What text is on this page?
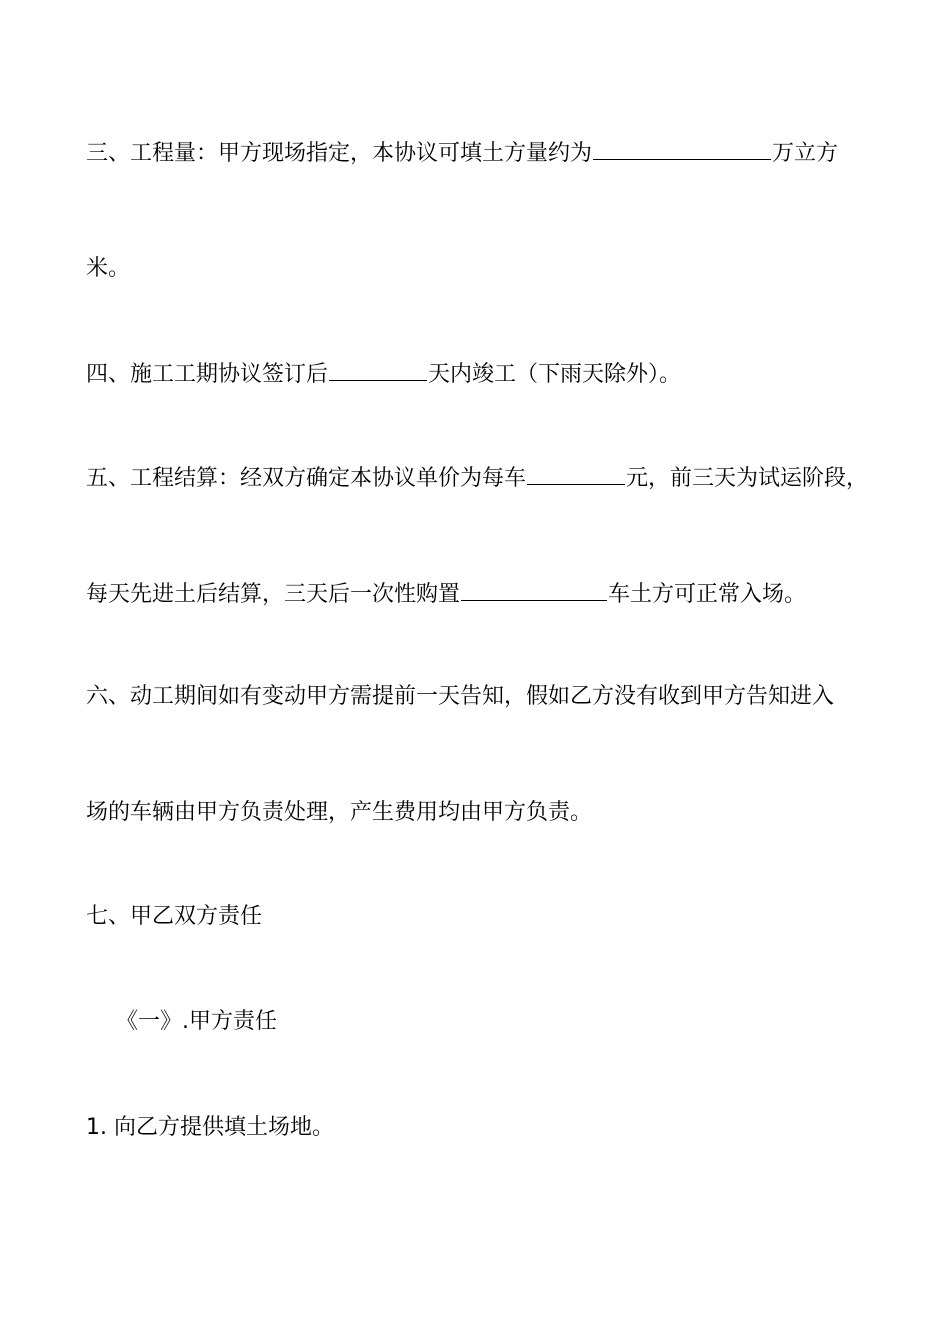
三、工程量：甲方现场指定，本协议可填土方量约为	万立方
米。
四、施工工期协议签订后	天内竣工（下雨天除外）。
五、工程结算：经双方确定本协议单价为每车	元，前三天为试运阶段，
每天先进土后结算，三天后一次性购置	车土方可正常入场。
六、动工期间如有变动甲方需提前一天告知，假如乙方没有收到甲方告知进入
场的车辆由甲方负责处理，产生费用均由甲方负责。
七、甲乙双方责任
《一》.甲方责任
1. 向乙方提供填土场地。
